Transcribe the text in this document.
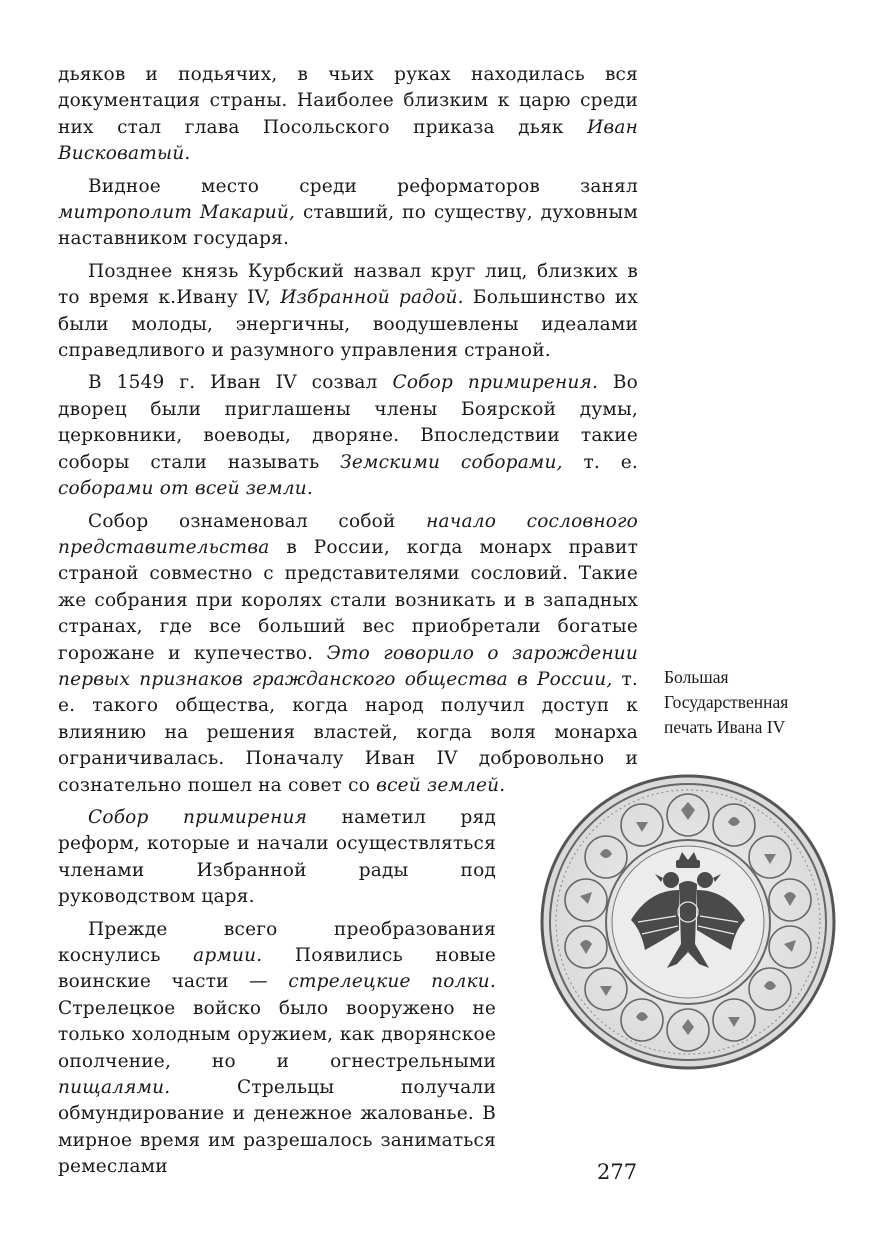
дьяков и подьячих, в чьих руках находилась вся документация страны. Наиболее близким к царю среди них стал глава Посольского приказа дьяк Иван Висковатый.

Видное место среди реформаторов занял митрополит Макарий, ставший, по существу, духовным наставником государя.

Позднее князь Курбский назвал круг лиц, близких в то время к.Ивану IV, Избранной радой. Большинство их были молоды, энергичны, воодушевлены идеалами справедливого и разумного управления страной.

В 1549 г. Иван IV созвал Собор примирения. Во дворец были приглашены члены Боярской думы, церковники, воеводы, дворяне. Впоследствии такие соборы стали называть Земскими соборами, т. е. соборами от всей земли.

Собор ознаменовал собой начало сословного представительства в России, когда монарх правит страной совместно с представителями сословий. Такие же собрания при королях стали возникать и в западных странах, где все больший вес приобретали богатые горожане и купечество. Это говорило о зарождении первых признаков гражданского общества в России, т. е. такого общества, когда народ получил доступ к влиянию на решения властей, когда воля монарха ограничивалась. Поначалу Иван IV добровольно и сознательно пошел на совет со всей землей.

Собор примирения наметил ряд реформ, которые и начали осуществляться членами Избранной рады под руководством царя.

Прежде всего преобразования коснулись армии. Появились новые воинские части — стрелецкие полки. Стрелецкое войско было вооружено не только холодным оружием, как дворянское ополчение, но и огнестрельными пищалями. Стрельцы получали обмундирование и денежное жалованье. В мирное время им разрешалось заниматься ремеслами

Большая
Государственная
печать Ивана IV
277
